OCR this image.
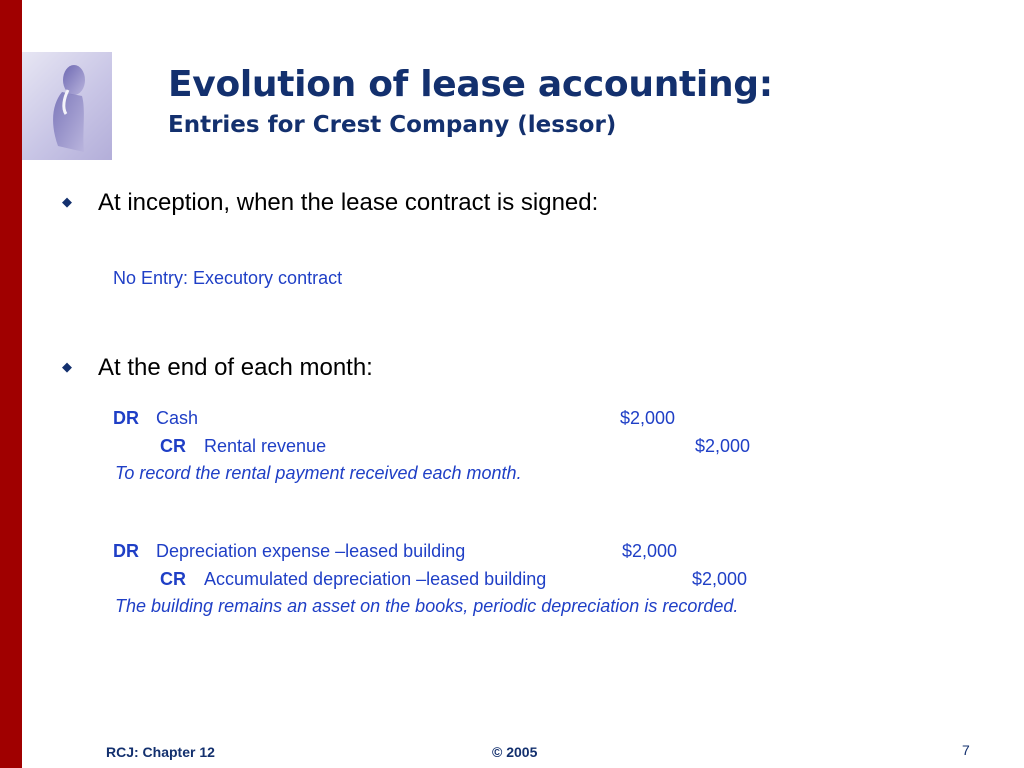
Evolution of lease accounting:
Entries for Crest Company (lessor)
◆ At inception, when the lease contract is signed:
No Entry: Executory contract
◆ At the end of each month:
DR Cash	$2,000
CR Rental revenue	$2,000
To record the rental payment received each month.
DR Depreciation expense –leased building	$2,000
CR Accumulated depreciation –leased building	$2,000
The building remains an asset on the books, periodic depreciation is recorded.
RCJ: Chapter 12	© 2005	7
